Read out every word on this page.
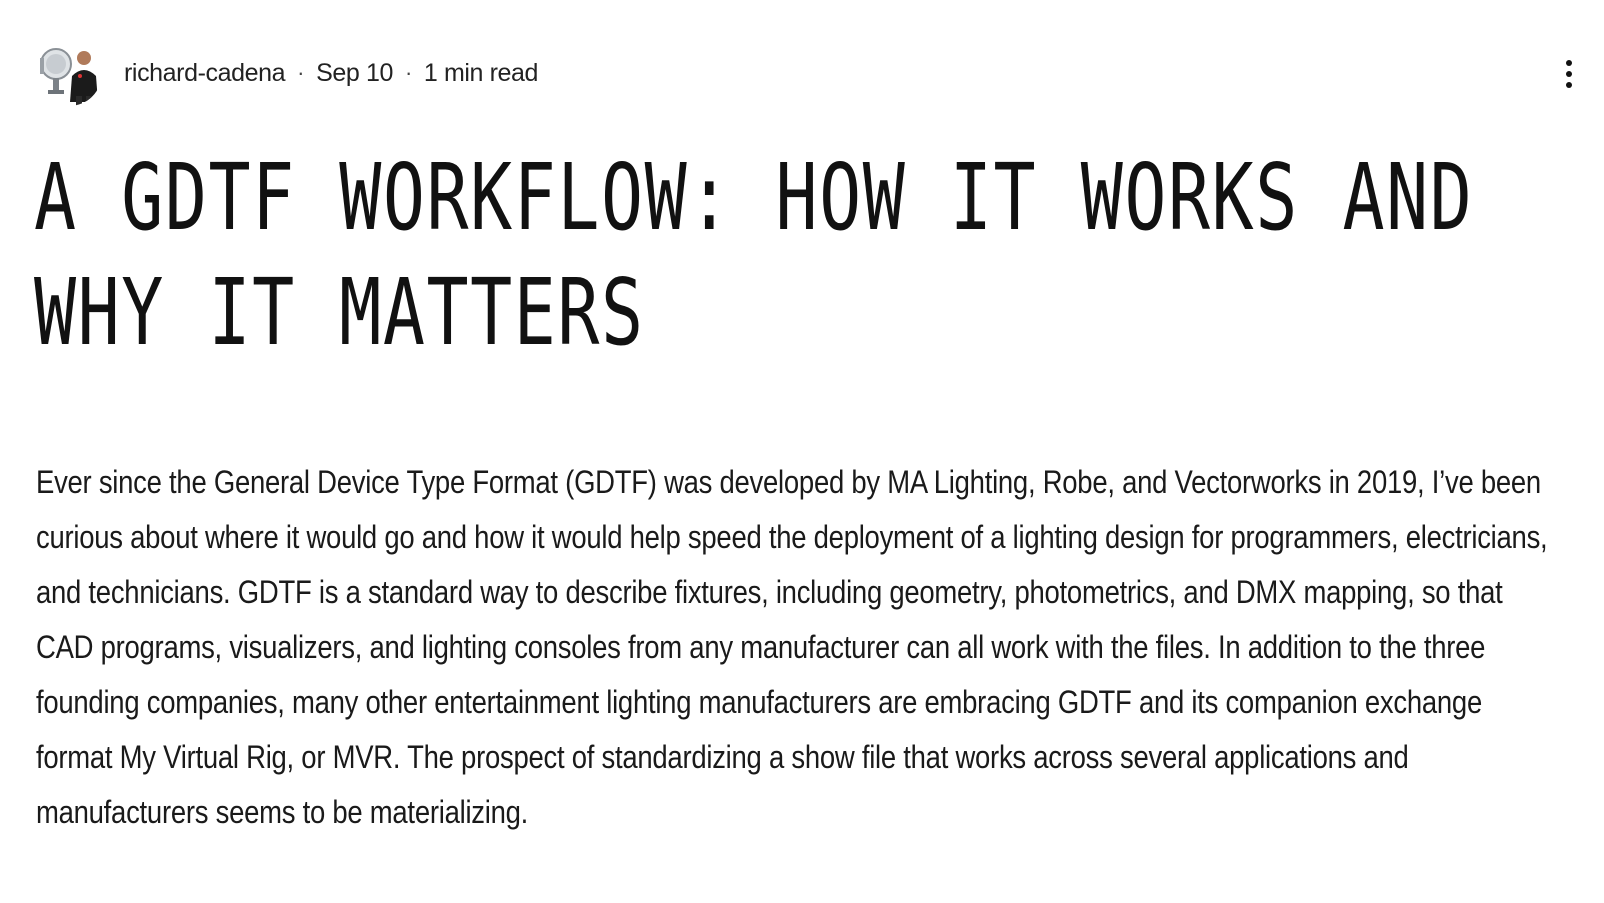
richard-cadena · Sep 10 · 1 min read
A GDTF WORKFLOW: HOW IT WORKS AND WHY IT MATTERS

Ever since the General Device Type Format (GDTF) was developed by MA Lighting, Robe, and Vectorworks in 2019, I’ve been curious about where it would go and how it would help speed the deployment of a lighting design for programmers, electricians, and technicians. GDTF is a standard way to describe fixtures, including geometry, photometrics, and DMX mapping, so that CAD programs, visualizers, and lighting consoles from any manufacturer can all work with the files. In addition to the three founding companies, many other entertainment lighting manufacturers are embracing GDTF and its companion exchange format My Virtual Rig, or MVR. The prospect of standardizing a show file that works across several applications and manufacturers seems to be materializing.
